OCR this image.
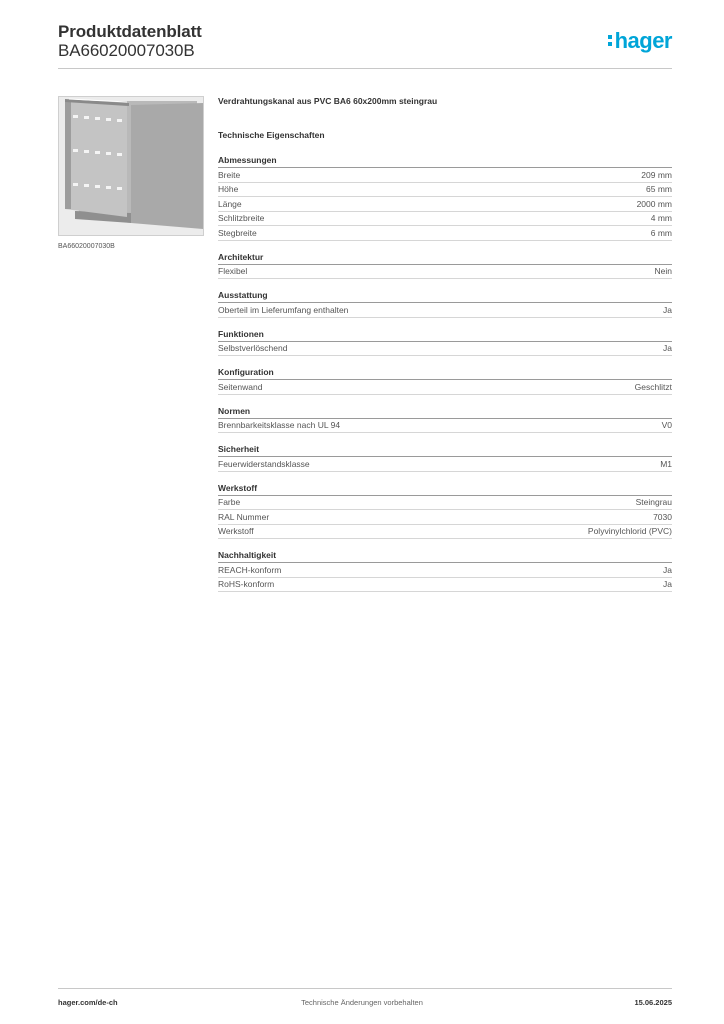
Produktdatenblatt
BA66020007030B	hager
BA66020007030B
Verdrahtungskanal aus PVC BA6 60x200mm steingrau
Technische Eigenschaften
Abmessungen
Breite	209 mm
Höhe	65 mm
Länge	2000 mm
Schlitzbreite	4 mm
Stegbreite	6 mm
Architektur
Flexibel	Nein
Ausstattung
Oberteil im Lieferumfang enthalten	Ja
Funktionen
Selbstverlöschend	Ja
Konfiguration
Seitenwand	Geschlitzt
Normen
Brennbarkeitsklasse nach UL 94	V0
Sicherheit
Feuerwiderstandsklasse	M1
Werkstoff
Farbe	Steingrau
RAL Nummer	7030
Werkstoff	Polyvinylchlorid (PVC)
Nachhaltigkeit
REACH-konform	Ja
RoHS-konform	Ja
hager.com/de-ch	Technische Änderungen vorbehalten	15.06.2025
